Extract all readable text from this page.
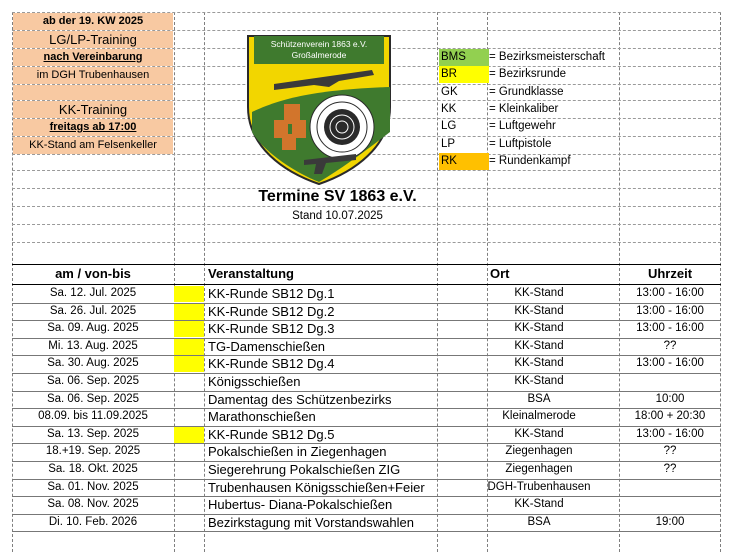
ab der 19. KW 2025
LG/LP-Training
nach Vereinbarung
im DGH Trubenhausen
KK-Training
freitags ab 17:00
KK-Stand am Felsenkeller
Schützenverein 1863 e.V.
Großalmerode	BMS	= Bezirksmeisterschaft
BR	= Bezirksrunde
GK	= Grundklasse
KK	= Kleinkaliber
LG	= Luftgewehr
LP	= Luftpistole
RK	= Rundenkampf
Termine SV 1863 e.V.
Stand 10.07.2025
am / von-bis	Veranstaltung	Ort	Uhrzeit
Sa. 12. Jul. 2025	KK-Runde SB12 Dg.1	KK-Stand	13:00 - 16:00
Sa. 26. Jul. 2025	KK-Runde SB12 Dg.2	KK-Stand	13:00 - 16:00
Sa. 09. Aug. 2025	KK-Runde SB12 Dg.3	KK-Stand	13:00 - 16:00
Mi. 13. Aug. 2025	TG-Damenschießen	KK-Stand	??
Sa. 30. Aug. 2025	KK-Runde SB12 Dg.4	KK-Stand	13:00 - 16:00
Sa. 06. Sep. 2025	Königsschießen	KK-Stand
Sa. 06. Sep. 2025	Damentag des Schützenbezirks	BSA	10:00
08.09. bis 11.09.2025	Marathonschießen	Kleinalmerode	18:00 + 20:30
Sa. 13. Sep. 2025	KK-Runde SB12 Dg.5	KK-Stand	13:00 - 16:00
18.+19. Sep. 2025	Pokalschießen in Ziegenhagen	Ziegenhagen	??
Sa. 18. Okt. 2025	Siegerehrung Pokalschießen ZIG	Ziegenhagen	??
Sa. 01. Nov. 2025	Trubenhausen Königsschießen+Feier	DGH-Trubenhausen
Sa. 08. Nov. 2025	Hubertus- Diana-Pokalschießen	KK-Stand
Di. 10. Feb. 2026	Bezirkstagung mit Vorstandswahlen	BSA	19:00
